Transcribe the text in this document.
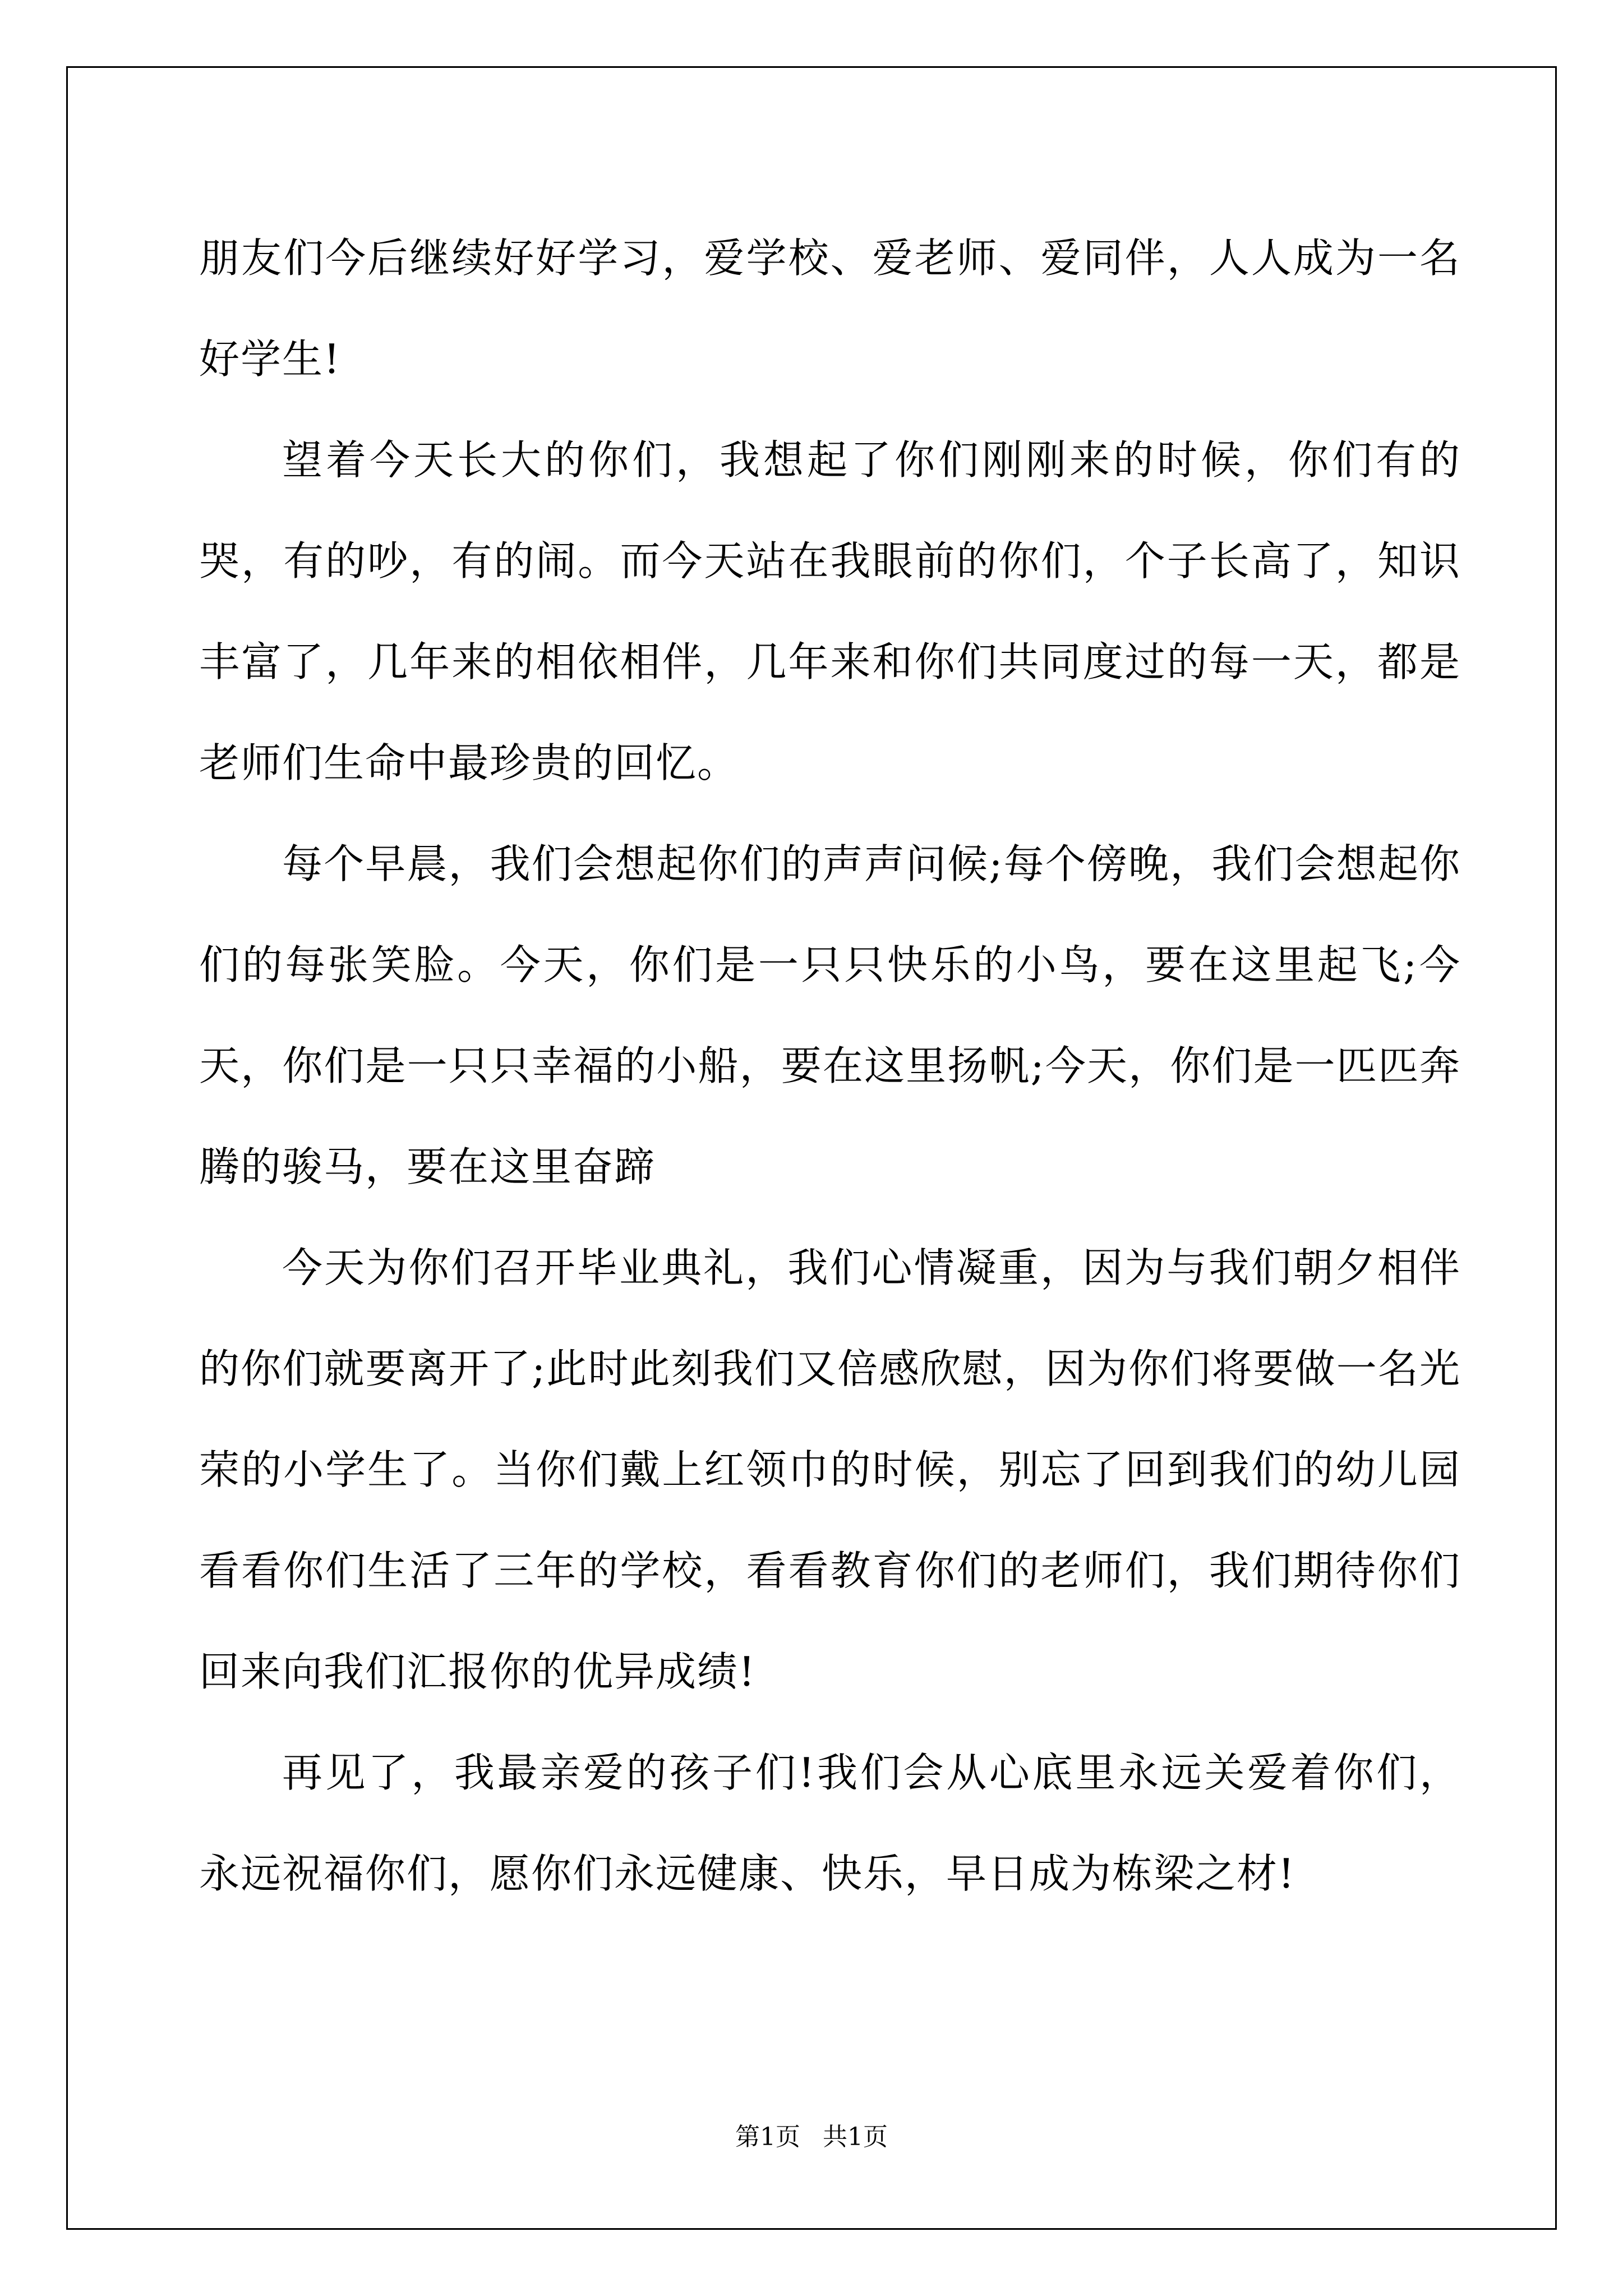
朋友们今后继续好好学习，爱学校、爱老师、爱同伴，人人成为一名好学生!

望着今天长大的你们，我想起了你们刚刚来的时候，你们有的哭，有的吵，有的闹。而今天站在我眼前的你们，个子长高了，知识丰富了，几年来的相依相伴，几年来和你们共同度过的每一天，都是老师们生命中最珍贵的回忆。

每个早晨，我们会想起你们的声声问候;每个傍晚，我们会想起你们的每张笑脸。今天，你们是一只只快乐的小鸟，要在这里起飞;今天，你们是一只只幸福的小船，要在这里扬帆;今天，你们是一匹匹奔腾的骏马，要在这里奋蹄

今天为你们召开毕业典礼，我们心情凝重，因为与我们朝夕相伴的你们就要离开了;此时此刻我们又倍感欣慰，因为你们将要做一名光荣的小学生了。当你们戴上红领巾的时候，别忘了回到我们的幼儿园看看你们生活了三年的学校，看看教育你们的老师们，我们期待你们回来向我们汇报你的优异成绩!

再见了，我最亲爱的孩子们!我们会从心底里永远关爱着你们，永远祝福你们，愿你们永远健康、快乐，早日成为栋梁之材!

第1页 共1页
